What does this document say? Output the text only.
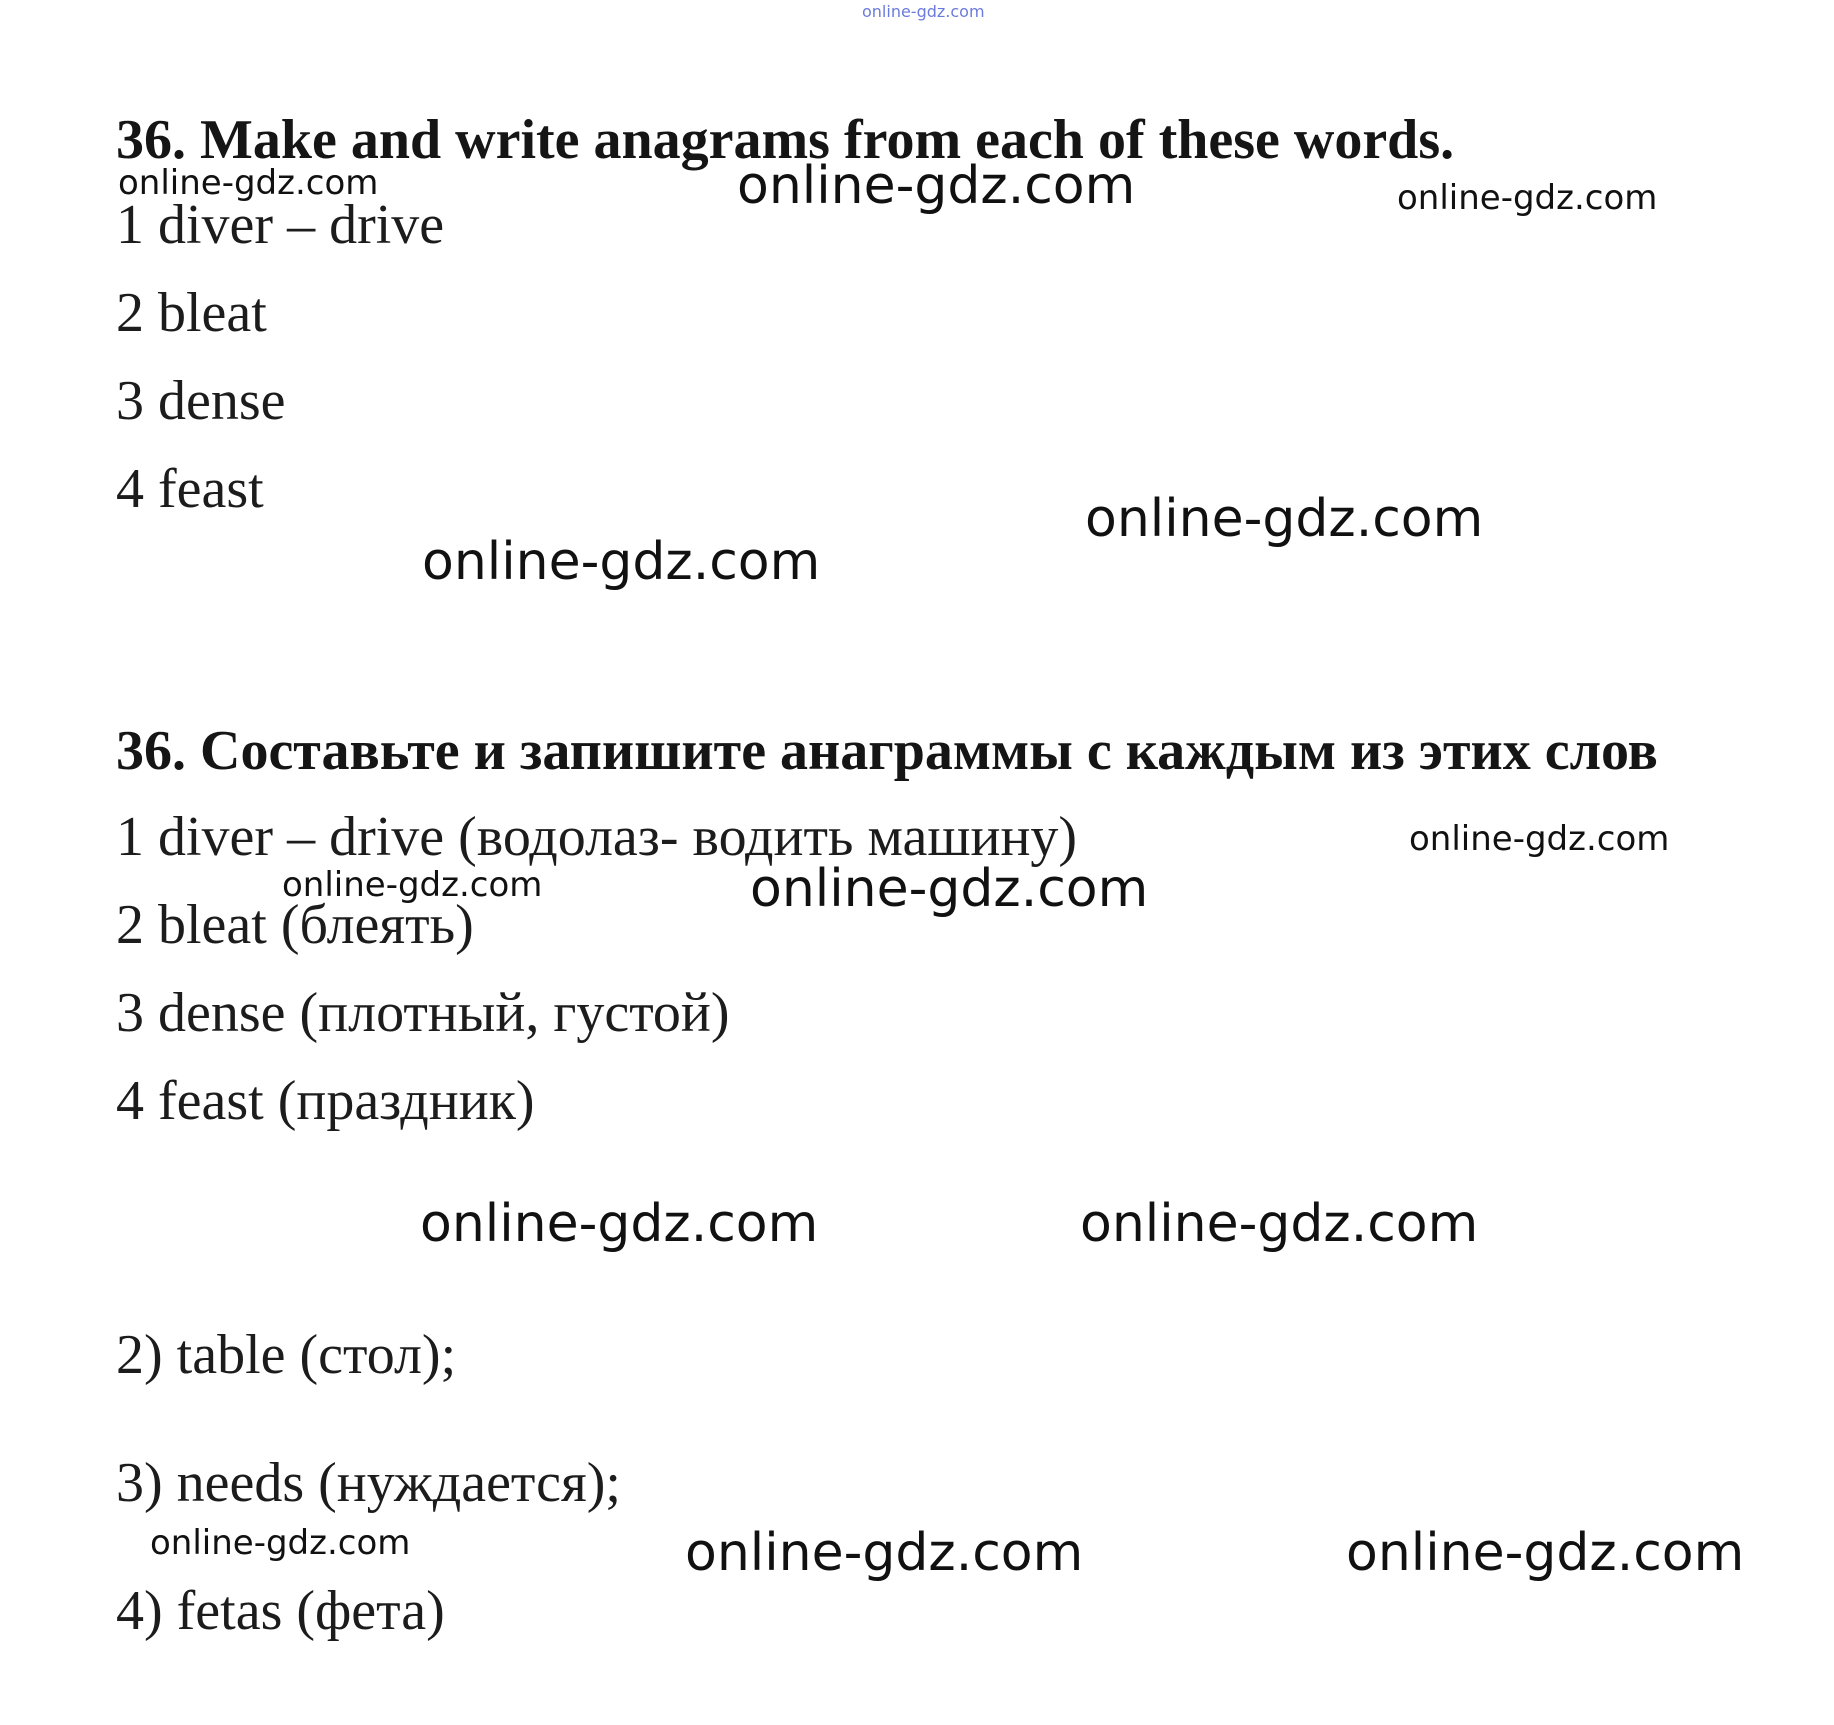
online-gdz.com
online-gdz.com	online-gdz.com	online-gdz.com
online-gdz.com
online-gdz.com
online-gdz.com
online-gdz.com	online-gdz.com
online-gdz.com	online-gdz.com
online-gdz.com	online-gdz.com	online-gdz.com
36. Make and write anagrams from each of these words.
1 diver – drive
2 bleat
3 dense
4 feast
36. Составьте и запишите анаграммы с каждым из этих слов
1 diver – drive (водолаз- водить машину)
2 bleat (блеять)
3 dense (плотный, густой)
4 feast (праздник)
2) table (стол);
3) needs (нуждается);
4) fetas (фета)
